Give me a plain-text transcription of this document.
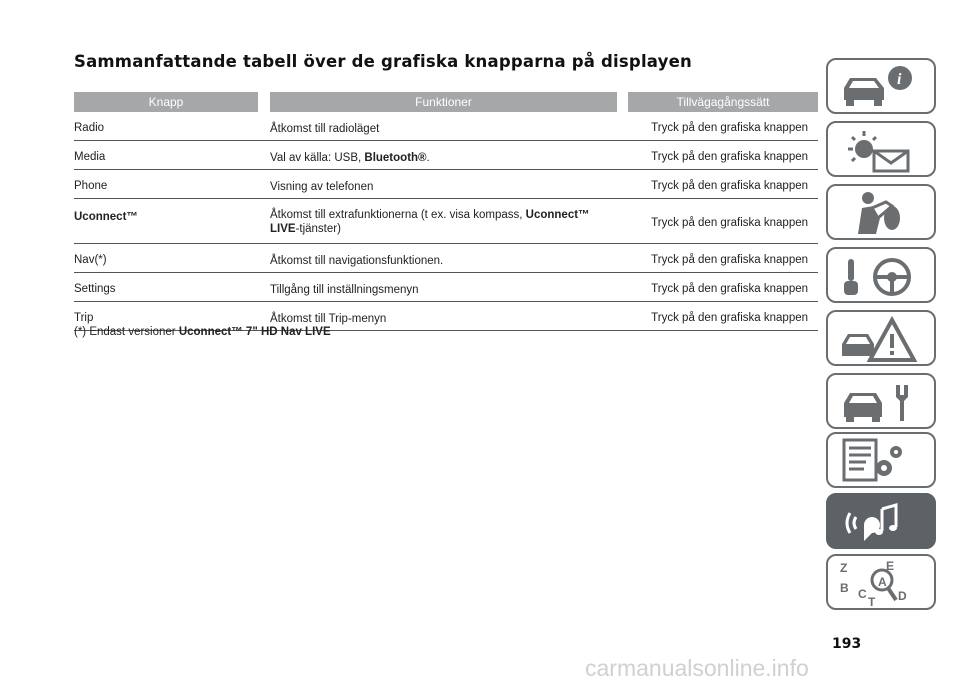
Sammanfattande tabell över de grafiska knapparna på displayen
Knapp	Funktioner	Tillvägagångssätt
Radio	Åtkomst till radioläget	Tryck på den grafiska knappen
Media	Val av källa: USB, Bluetooth®.	Tryck på den grafiska knappen
Phone	Visning av telefonen	Tryck på den grafiska knappen
Uconnect™	Åtkomst till extrafunktionerna (t ex. visa kompass, Uconnect™ LIVE-tjänster)	Tryck på den grafiska knappen
Nav(*)	Åtkomst till navigationsfunktionen.	Tryck på den grafiska knappen
Settings	Tillgång till inställningsmenyn	Tryck på den grafiska knappen
Trip	Åtkomst till Trip-menyn	Tryck på den grafiska knappen
(*) Endast versioner Uconnect™ 7" HD Nav LIVE
i
Z	E
A
B C
T D
193
carmanualsonline.info
